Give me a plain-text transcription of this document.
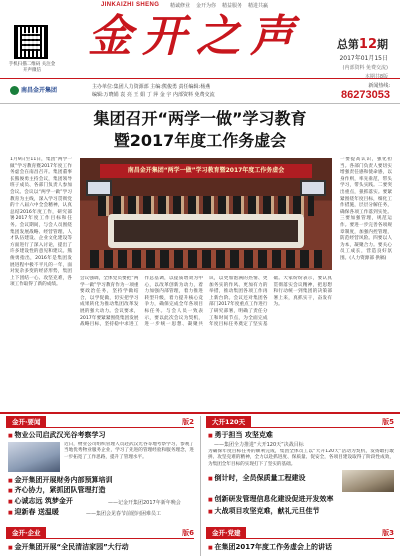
手机扫描二维码 关注金开声微信
JINKAIZHI SHENG 精诚修业 金开为你 精益服务 精进共赢
金开之声	总第12期
2017年01月15日
(内部资料 免费交流)
本期共8版
南昌金开集团	主办单位:集团人力资源部 主编:熊俊勇 责任编辑:杨燕
编辑:万晓娟 袁 亮 王 娟 丁 萍 金 宇 内部资料 免费交流
新闻热线:
86273053
集团召开“两学一做”学习教育
暨2017年度工作务虚会
1月9日至11日，集团“两学一做”学习教育暨2017年度工作务虚会在南昌召开。集团董事长熊俊勇主持会议，集团领导班子成员、各部门负责人参加会议。会议以“两学一做”学习教育为主线，深入学习贯彻党的十八届六中全会精神，认真总结2016年度工作，研究部署2017年度工作目标和任务。会议期间，与会人员围绕集团发展战略、经营管理、人才队伍建设、企业文化建设等方面进行了深入讨论，提出了许多建设性的意见和建议。熊俊勇指出，2016年是集团发展进程中极不平凡的一年，面对复杂多变的经济形势，集团上下团结一心、攻坚克难，各项工作取得了新的成绩。
南昌金开集团“两学一做”学习教育暨2017年度工作务虚会
会议强调，全体党员要把“两学一做”学习教育作为一项重要政治任务，坚持学做结合，以学促做，切实把学习成果转化为推动集团改革发展的强大动力。会议要求，2017年要紧紧围绕集团发展战略目标，坚持稳中求进工作总基调，以提质增效为中心，以改革创新为动力，着力加强内部管理，着力推进转型升级，着力提升核心竞争力，确保完成全年各项目标任务。与会人员一致表示，要以此次会议为契机，进一步统一思想、凝聚共识，以更加饱满的热情、更加务实的作风、更加有力的举措，推动集团各项工作再上新台阶。会议还对集团各部门2017年度重点工作进行了研究部署，明确了责任分工和时间节点，为全面完成年度目标任务奠定了坚实基础。大家纷纷表示，要认真贯彻落实会议精神，把思想和行动统一到集团的决策部署上来，真抓实干，奋发有为。
一要提高认识，强化担当。各部门负责人要切实增强责任感和使命感，以身作则，率先垂范，带头学习，带头实践。二要突出重点，狠抓落实。要紧紧围绕年度目标，细化工作措施，层层分解任务，确保各项工作落到实处。三要加强管理，规范运作。要进一步完善各项规章制度，加强内控管理，防范经营风险。四要以人为本，凝聚合力。要关心员工成长，营造良好氛围。(人力资源部 供稿)
金开·要闻	版2
■ 物业公司启武汉光谷考察学习
近日，物业公司组织管理人员赴武汉光谷等地考察学习，参观了当地优秀物业服务企业，学习了先进的管理经验和服务理念，进一步拓宽了工作思路，提升了管理水平。
■ 金开集团开展财务内部预算培训
■ 齐心协力，紧抓团队管理打造
■ 心诚志远 筑梦金开	——记金开集团2017年新年晚会
■ 迎新春 送温暖	——集团会见春节前慰问困难员工
大开120天	版5
■ 勇于担当 攻坚克难
——集团全力推进“大开120天”决战目标
为确保年度目标任务的顺利完成，集团全体员工以“大开120天”活动为契机，发扬敢打敢拼、攻坚克难的精神，全力以赴抓进度、保质量、促安全，各项目建设取得了阶段性成效，为集团全年目标的实现打下了坚实的基础。
■ 倒计时，全员保质量工程建设
■ 创新研发管理信息化建设促进开发效率
■ 大战项目攻坚克难，献礼元旦佳节
金开·企业	版6
■ 金开集团开展“全民清洁家园”大行动
金开·党建	版3
■ 在集团2017年度工作务虚会上的讲话
